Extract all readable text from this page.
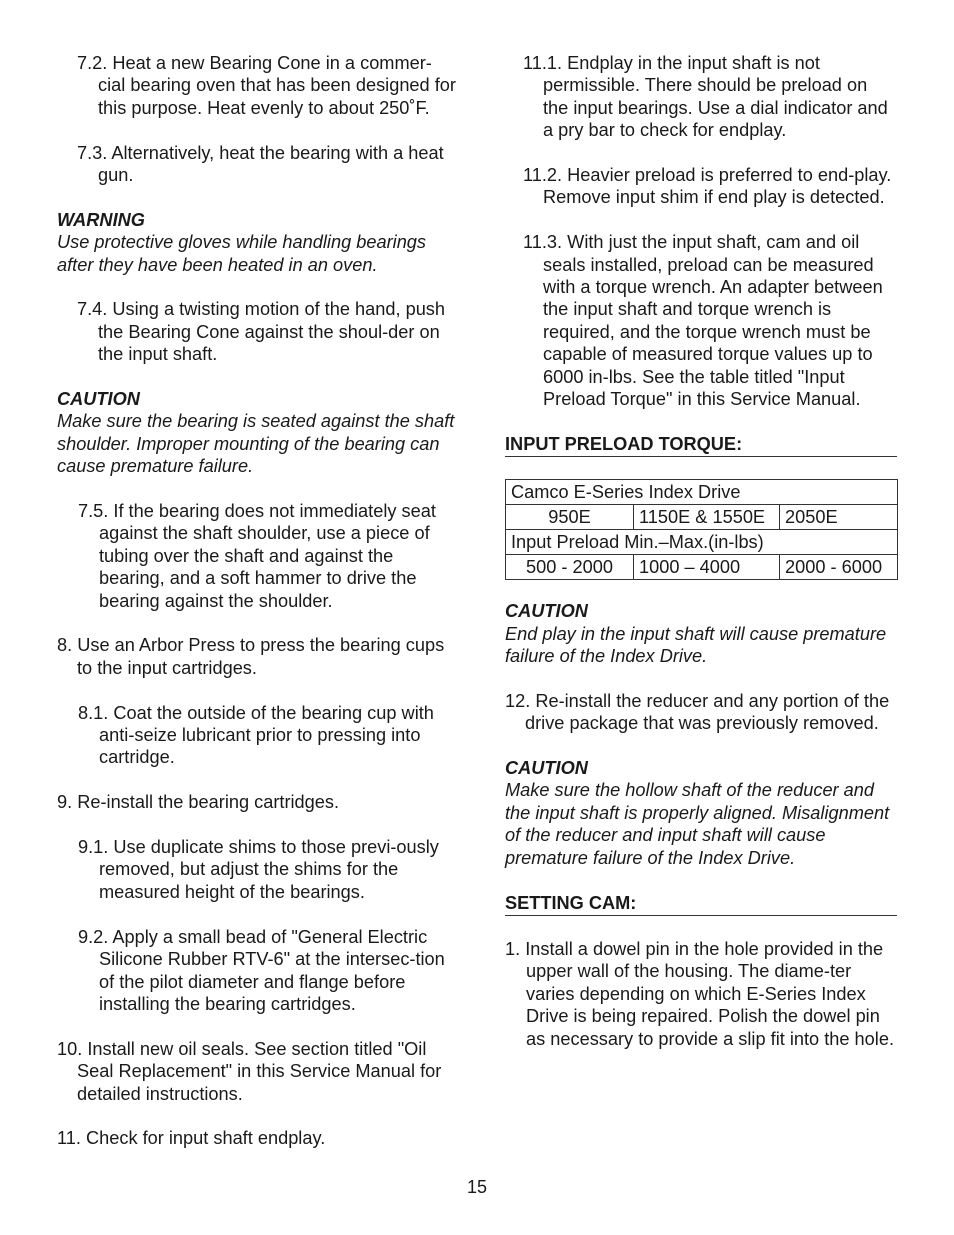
7.2. Heat a new Bearing Cone in a commer-cial bearing oven that has been designed for this purpose. Heat evenly to about 250˚F.

7.3. Alternatively, heat the bearing with a heat gun.

WARNING

Use protective gloves while handling bearings after they have been heated in an oven.

7.4. Using a twisting motion of the hand, push the Bearing Cone against the shoul-der on the input shaft.

CAUTION

Make sure the bearing is seated against the shaft shoulder. Improper mounting of the bearing can cause premature failure.

7.5. If the bearing does not immediately seat against the shaft shoulder, use a piece of tubing over the shaft and against the bearing, and a soft hammer to drive the bearing against the shoulder.

8. Use an Arbor Press to press the bearing cups to the input cartridges.

8.1. Coat the outside of the bearing cup with anti-seize lubricant prior to pressing into cartridge.

9. Re-install the bearing cartridges.

9.1. Use duplicate shims to those previ-ously removed, but adjust the shims for the measured height of the bearings.

9.2. Apply a small bead of "General Electric Silicone Rubber RTV-6" at the intersec-tion of the pilot diameter and flange before installing the bearing cartridges.

10. Install new oil seals. See section titled "Oil Seal Replacement" in this Service Manual for detailed instructions.

11. Check for input shaft endplay.

11.1. Endplay in the input shaft is not permissible. There should be preload on the input bearings. Use a dial indicator and a pry bar to check for endplay.

11.2. Heavier preload is preferred to end-play. Remove input shim if end play is detected.

11.3. With just the input shaft, cam and oil seals installed, preload can be measured with a torque wrench. An adapter between the input shaft and torque wrench is required, and the torque wrench must be capable of measured torque values up to 6000 in-lbs. See the table titled "Input Preload Torque" in this Service Manual.

INPUT PRELOAD TORQUE:

Camco E-Series Index Drive		
950E	1150E & 1550E	2050E
Input Preload Min.–Max.(in-lbs)		
500 - 2000	1000 – 4000	2000 - 6000

CAUTION

End play in the input shaft will cause premature failure of the Index Drive.

12. Re-install the reducer and any portion of the drive package that was previously removed.

CAUTION

Make sure the hollow shaft of the reducer and the input shaft is properly aligned. Misalignment of the reducer and input shaft will cause premature failure of the Index Drive.

SETTING CAM:

1. Install a dowel pin in the hole provided in the upper wall of the housing. The diame-ter varies depending on which E-Series Index Drive is being repaired. Polish the dowel pin as necessary to provide a slip fit into the hole.

15
